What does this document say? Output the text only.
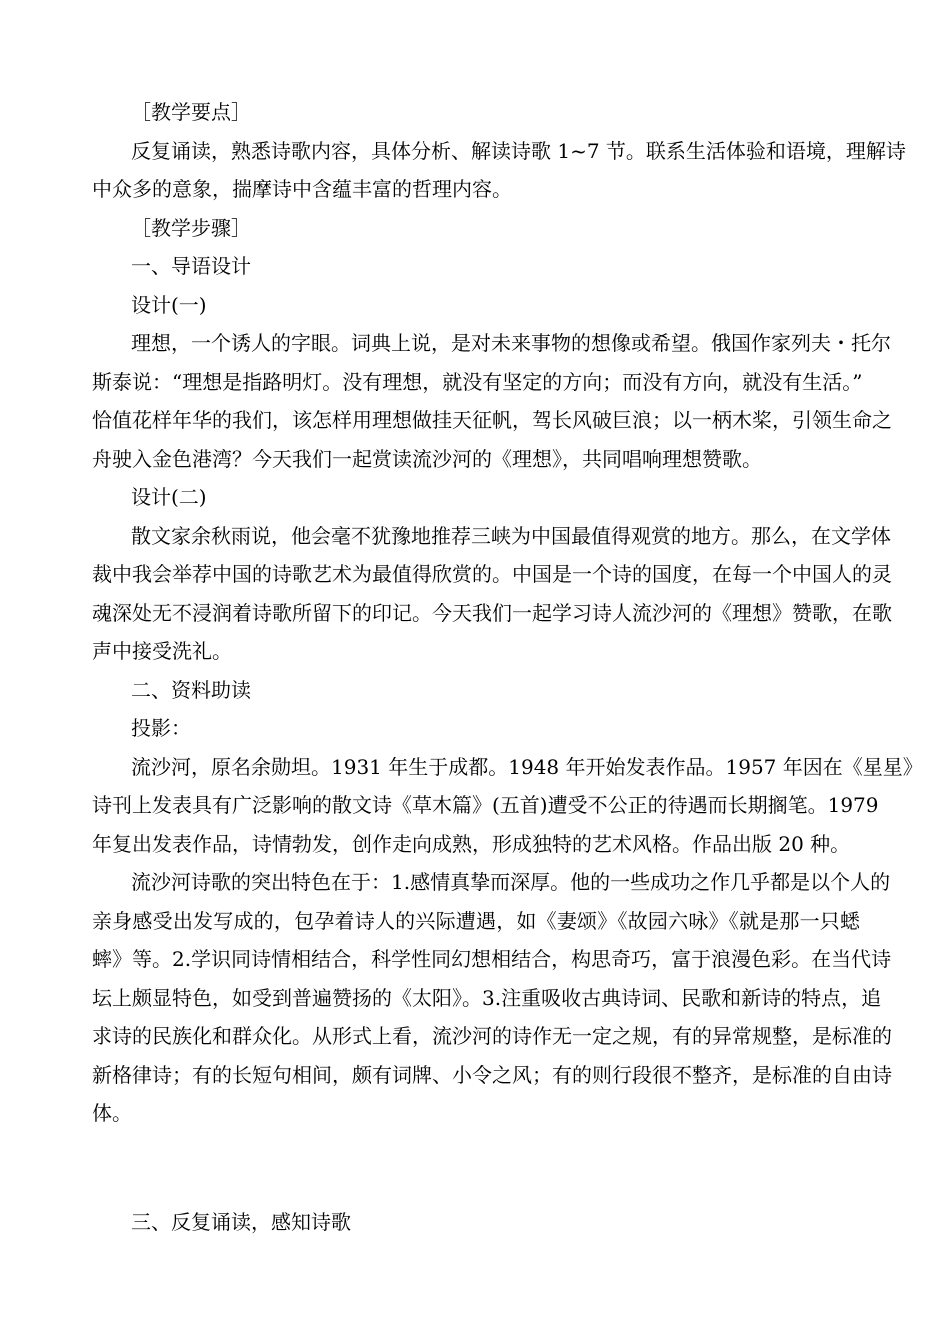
［教学要点］
反复诵读，熟悉诗歌内容，具体分析、解读诗歌 1~7 节。联系生活体验和语境，理解诗
中众多的意象，揣摩诗中含蕴丰富的哲理内容。
［教学步骤］
一、导语设计
设计(一)
理想，一个诱人的字眼。词典上说，是对未来事物的想像或希望。俄国作家列夫・托尔
斯泰说：“理想是指路明灯。没有理想，就没有坚定的方向；而没有方向，就没有生活。”
恰值花样年华的我们，该怎样用理想做挂天征帆，驾长风破巨浪；以一柄木桨，引领生命之
舟驶入金色港湾？今天我们一起赏读流沙河的《理想》，共同唱响理想赞歌。
设计(二)
散文家余秋雨说，他会毫不犹豫地推荐三峡为中国最值得观赏的地方。那么，在文学体
裁中我会举荐中国的诗歌艺术为最值得欣赏的。中国是一个诗的国度，在每一个中国人的灵
魂深处无不浸润着诗歌所留下的印记。今天我们一起学习诗人流沙河的《理想》赞歌，在歌
声中接受洗礼。
二、资料助读
投影：
流沙河，原名余勋坦。1931 年生于成都。1948 年开始发表作品。1957 年因在《星星》
诗刊上发表具有广泛影响的散文诗《草木篇》(五首)遭受不公正的待遇而长期搁笔。1979
年复出发表作品，诗情勃发，创作走向成熟，形成独特的艺术风格。作品出版 20 种。
流沙河诗歌的突出特色在于：1.感情真挚而深厚。他的一些成功之作几乎都是以个人的
亲身感受出发写成的，包孕着诗人的兴际遭遇，如《妻颂》《故园六咏》《就是那一只蟋
蟀》等。2.学识同诗情相结合，科学性同幻想相结合，构思奇巧，富于浪漫色彩。在当代诗
坛上颇显特色，如受到普遍赞扬的《太阳》。3.注重吸收古典诗词、民歌和新诗的特点，追
求诗的民族化和群众化。从形式上看，流沙河的诗作无一定之规，有的异常规整，是标准的
新格律诗；有的长短句相间，颇有词牌、小令之风；有的则行段很不整齐，是标准的自由诗
体。
三、反复诵读，感知诗歌
